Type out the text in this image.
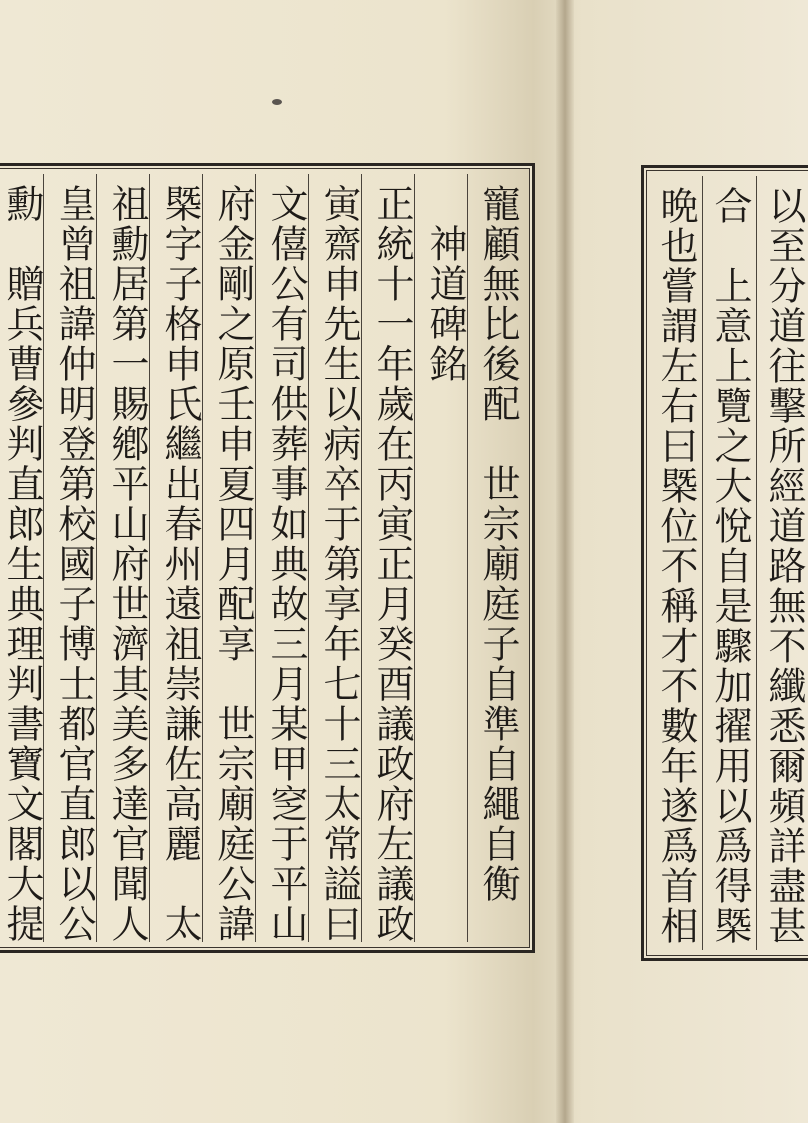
寵顧無比後配　世宗廟庭子自準自繩自衡
　神道碑銘
正統十一年歲在丙寅正月癸酉議政府左議政
寅齋申先生以病卒于第享年七十三太常謚曰
文僖公有司供葬事如典故三月某甲窆于平山
府金剛之原壬申夏四月配享　世宗廟庭公諱
槩字子格申氏繼出春州遠祖崇謙佐高麗　太
祖勳居第一賜鄕平山府世濟其美多達官聞人
皇曾祖諱仲明登第校國子博士都官直郎以公
勳　贈兵曹參判直郎生典理判書寶文閣大提	以至分道往擊所經道路無不纖悉爾頻詳盡甚
合　上意上覽之大悅自是驟加擢用以爲得槩
晩也嘗謂左右曰槩位不稱才不數年遂爲首相
